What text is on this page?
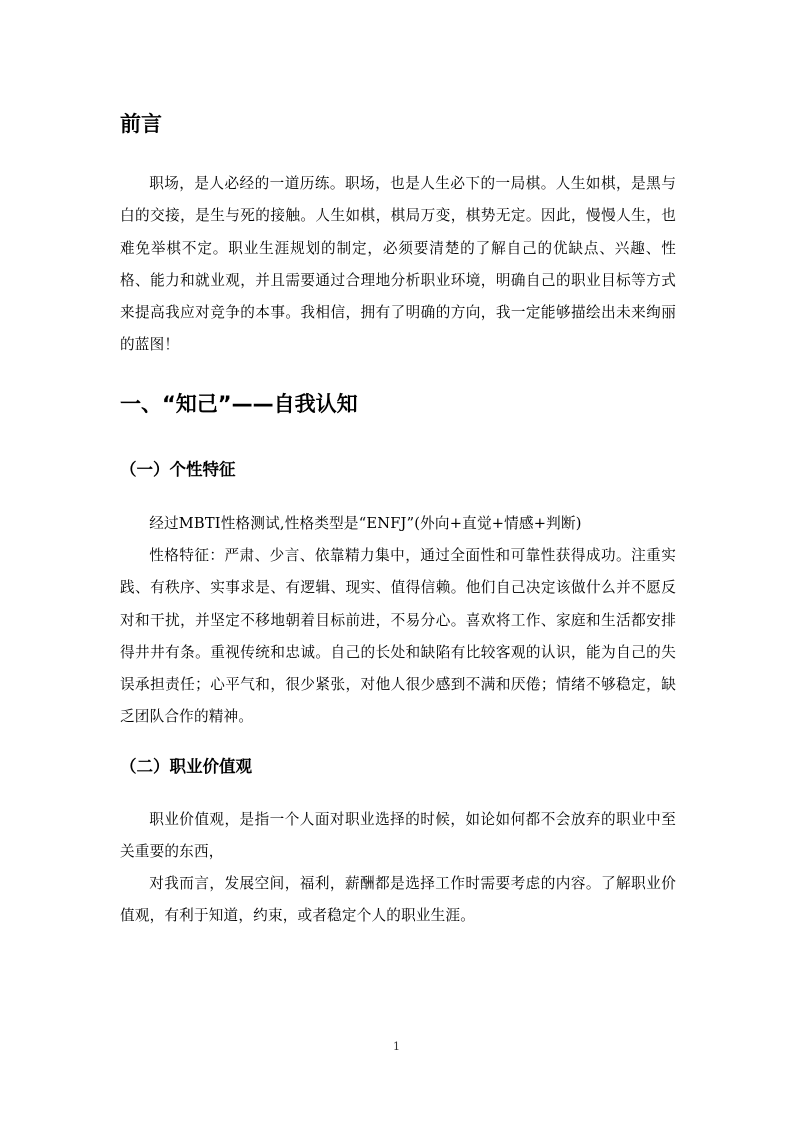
前言

职场，是人必经的一道历练。职场，也是人生必下的一局棋。人生如棋，是黑与白的交接，是生与死的接触。人生如棋，棋局万变，棋势无定。因此，慢慢人生，也难免举棋不定。职业生涯规划的制定，必须要清楚的了解自己的优缺点、兴趣、性格、能力和就业观，并且需要通过合理地分析职业环境，明确自己的职业目标等方式来提高我应对竞争的本事。我相信，拥有了明确的方向，我一定能够描绘出未来绚丽的蓝图！

一、“知己”——自我认知
（一）个性特征

经过MBTI性格测试,性格类型是“ENFJ”(外向+直觉+情感+判断)

性格特征：严肃、少言、依靠精力集中，通过全面性和可靠性获得成功。注重实践、有秩序、实事求是、有逻辑、现实、值得信赖。他们自己决定该做什么并不愿反对和干扰，并坚定不移地朝着目标前进，不易分心。喜欢将工作、家庭和生活都安排得井井有条。重视传统和忠诚。自己的长处和缺陷有比较客观的认识，能为自己的失误承担责任；心平气和，很少紧张，对他人很少感到不满和厌倦；情绪不够稳定，缺乏团队合作的精神。

（二）职业价值观

职业价值观，是指一个人面对职业选择的时候，如论如何都不会放弃的职业中至关重要的东西，

对我而言，发展空间，福利，薪酬都是选择工作时需要考虑的内容。了解职业价值观，有利于知道，约束，或者稳定个人的职业生涯。

1
